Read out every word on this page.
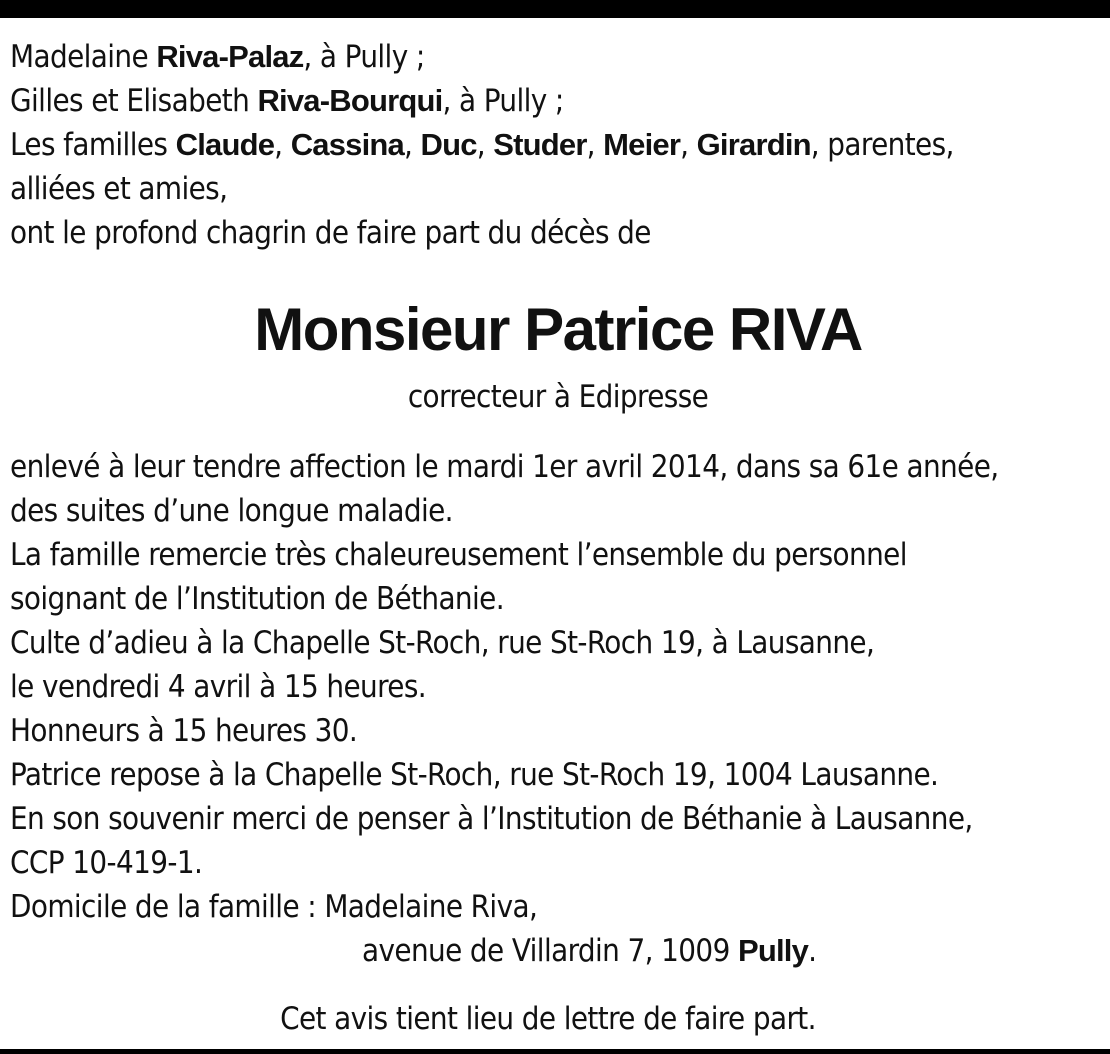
Madelaine Riva-Palaz, à Pully ;
Gilles et Elisabeth Riva-Bourqui, à Pully ;
Les familles Claude, Cassina, Duc, Studer, Meier, Girardin, parentes,
alliées et amies,
ont le profond chagrin de faire part du décès de
Monsieur Patrice RIVA
correcteur à Edipresse
enlevé à leur tendre affection le mardi 1er avril 2014, dans sa 61e année,
des suites d’une longue maladie.
La famille remercie très chaleureusement l’ensemble du personnel
soignant de l’Institution de Béthanie.
Culte d’adieu à la Chapelle St-Roch, rue St-Roch 19, à Lausanne,
le vendredi 4 avril à 15 heures.
Honneurs à 15 heures 30.
Patrice repose à la Chapelle St-Roch, rue St-Roch 19, 1004 Lausanne.
En son souvenir merci de penser à l’Institution de Béthanie à Lausanne,
CCP 10-419-1.
Domicile de la famille : Madelaine Riva,
avenue de Villardin 7, 1009 Pully.
Cet avis tient lieu de lettre de faire part.
